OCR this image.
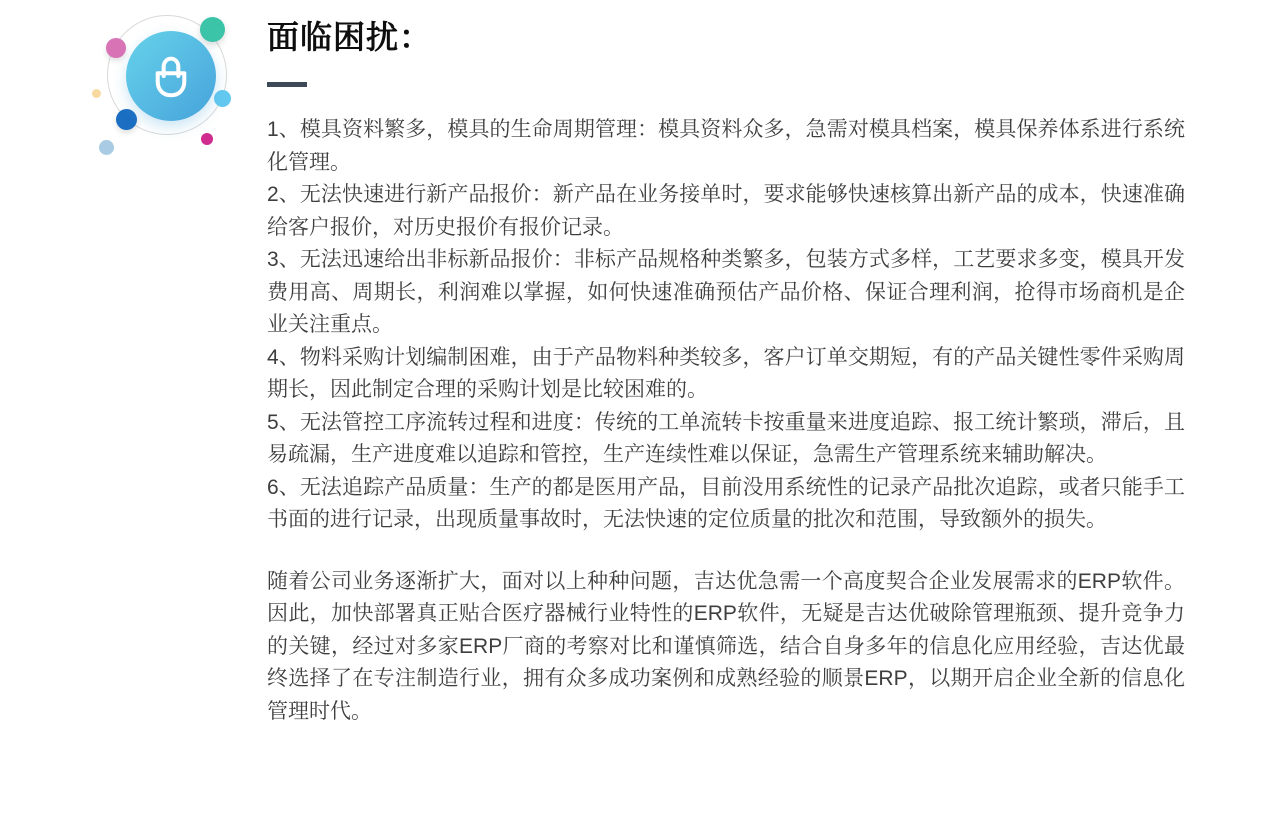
面临困扰：

1、模具资料繁多，模具的生命周期管理：模具资料众多，急需对模具档案，模具保养体系进行系统化管理。

2、无法快速进行新产品报价：新产品在业务接单时，要求能够快速核算出新产品的成本，快速准确给客户报价，对历史报价有报价记录。

3、无法迅速给出非标新品报价：非标产品规格种类繁多，包装方式多样，工艺要求多变，模具开发费用高、周期长，利润难以掌握，如何快速准确预估产品价格、保证合理利润，抢得市场商机是企业关注重点。

4、物料采购计划编制困难，由于产品物料种类较多，客户订单交期短，有的产品关键性零件采购周期长，因此制定合理的采购计划是比较困难的。

5、无法管控工序流转过程和进度：传统的工单流转卡按重量来进度追踪、报工统计繁琐，滞后，且易疏漏，生产进度难以追踪和管控，生产连续性难以保证，急需生产管理系统来辅助解决。

6、无法追踪产品质量：生产的都是医用产品，目前没用系统性的记录产品批次追踪，或者只能手工书面的进行记录，出现质量事故时，无法快速的定位质量的批次和范围，导致额外的损失。

随着公司业务逐渐扩大，面对以上种种问题，吉达优急需一个高度契合企业发展需求的ERP软件。因此，加快部署真正贴合医疗器械行业特性的ERP软件，无疑是吉达优破除管理瓶颈、提升竞争力的关键，经过对多家ERP厂商的考察对比和谨慎筛选，结合自身多年的信息化应用经验，吉达优最终选择了在专注制造行业，拥有众多成功案例和成熟经验的顺景ERP，以期开启企业全新的信息化管理时代。
